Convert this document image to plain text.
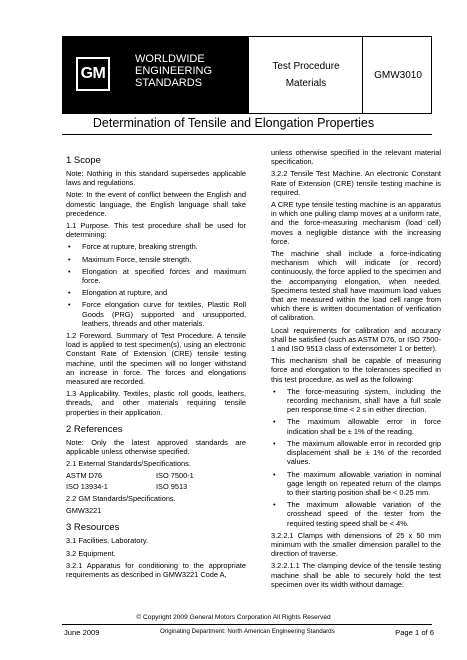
GM
WORLDWIDE
ENGINEERING
STANDARDS
Test Procedure
Materials
GMW3010
Determination of Tensile and Elongation Properties
1 Scope

Note: Nothing in this standard supersedes applicable laws and regulations.

Note: In the event of conflict between the English and domestic language, the English language shall take precedence.

1.1 Purpose. This test procedure shall be used for determining:

• Force at rupture, breaking strength.
• Maximum Force, tensile strength.
• Elongation at specified forces and maximum force.
• Elongation at rupture, and
• Force elongation curve for textiles, Plastic Roll Goods (PRG) supported and unsupported, leathers, threads and other materials.

1.2 Foreword. Summary of Test Procedure. A tensile load is applied to test specimen(s), using an electronic Constant Rate of Extension (CRE) tensile testing machine, until the specimen will no longer withstand an increase in force. The forces and elongations measured are recorded.

1.3 Applicability. Textiles, plastic roll goods, leathers, threads, and other materials requiring tensile properties in their application.

2 References

Note: Only the latest approved standards are applicable unless otherwise specified.

2.1 External Standards/Specifications.

ASTM D76	ISO 7500-1
ISO 13934-1	ISO 9513

2.2 GM Standards/Specifications.

GMW3221

3 Resources

3.1 Facilities. Laboratory.

3.2 Equipment.

3.2.1 Apparatus for conditioning to the appropriate requirements as described in GMW3221 Code A,

unless otherwise specified in the relevant material specification.

3.2.2 Tensile Test Machine. An electronic Constant Rate of Extension (CRE) tensile testing machine is required.

A CRE type tensile testing machine is an apparatus in which one pulling clamp moves at a uniform rate, and the force-measuring mechanism (load cell) moves a negligible distance with the increasing force.

The machine shall include a force-indicating mechanism which will indicate (or record) continuously, the force applied to the specimen and the accompanying elongation, when needed. Specimens tested shall have maximum load values that are measured within the load cell range from which there is written documentation of verification of calibration.

Local requirements for calibration and accuracy shall be satisfied (such as ASTM D76, or ISO 7500-1 and ISO 9513 class of extensometer 1 or better).

This mechanism shall be capable of measuring force and elongation to the tolerances specified in this test procedure, as well as the following:

• The force-measuring system, including the recording mechanism, shall have a full scale pen response time < 2 s in either direction.
• The maximum allowable error in force indication shall be ± 1% of the reading.
• The maximum allowable error in recorded grip displacement shall be ± 1% of the recorded values.
• The maximum allowable variation in nominal gage length on repeated return of the clamps to their starting position shall be < 0.25 mm.
• The maximum allowable variation of the crosshead speed of the tester from the required testing speed shall be < 4%.

3.2.2.1 Clamps with dimensions of 25 x 50 mm minimum with the smaller dimension parallel to the direction of traverse.

3.2.2.1.1 The clamping device of the tensile testing machine shall be able to securely hold the test specimen over its width without damage.

© Copyright 2009 General Motors Corporation All Rights Reserved
June 2009	Originating Department: North American Engineering Standards	Page 1 of 6
